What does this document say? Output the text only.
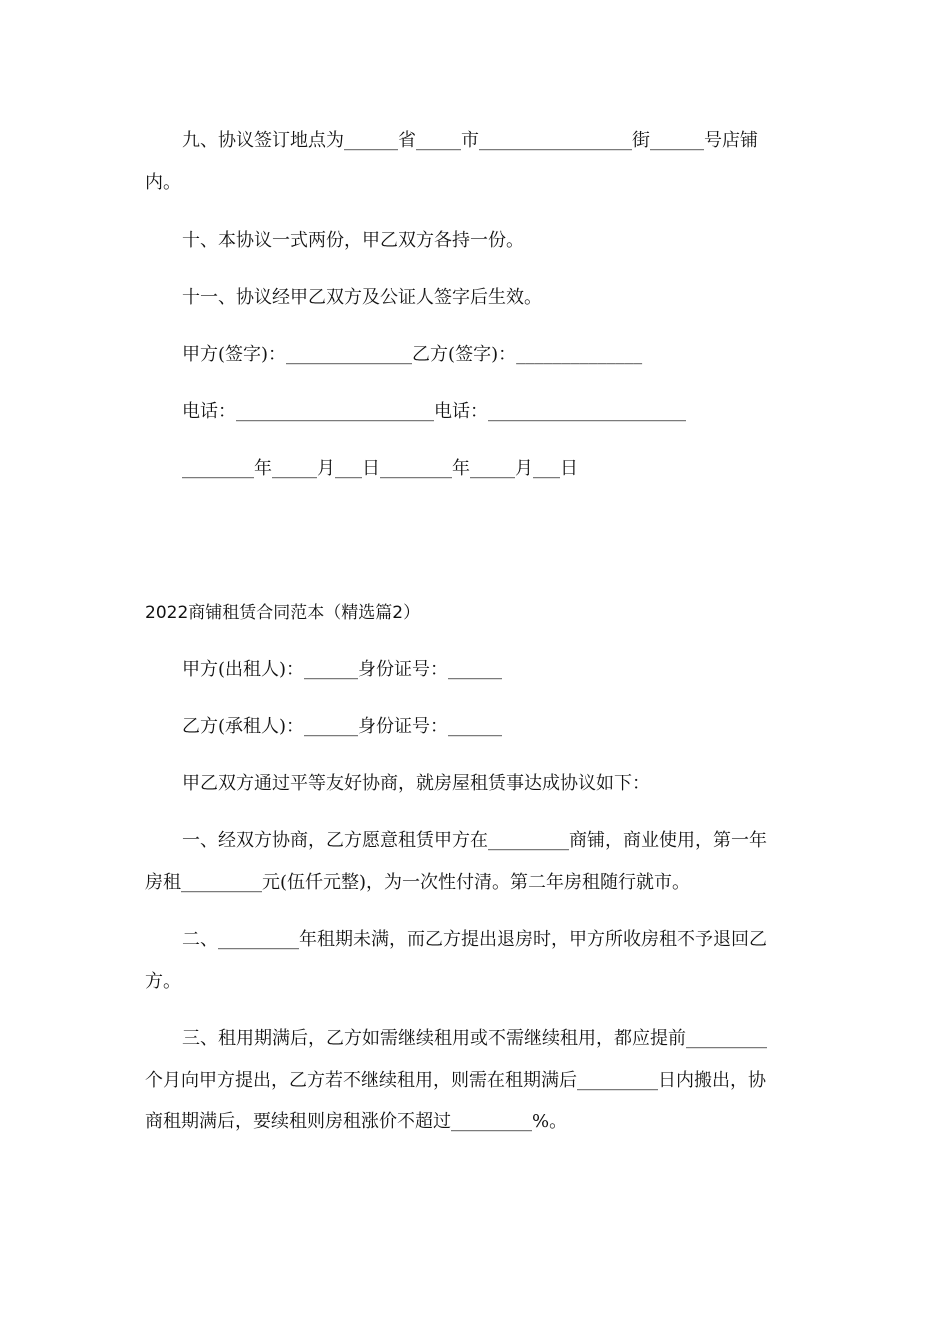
九、协议签订地点为______省_____市_________________街______号店铺
内。
十、本协议一式两份，甲乙双方各持一份。
十一、协议经甲乙双方及公证人签字后生效。
甲方(签字)：______________乙方(签字)：______________
电话：______________________电话：______________________
________年_____月___日________年_____月___日
2022商铺租赁合同范本（精选篇2）
甲方(出租人)：______身份证号：______
乙方(承租人)：______身份证号：______
甲乙双方通过平等友好协商，就房屋租赁事达成协议如下：
一、经双方协商，乙方愿意租赁甲方在_________商铺，商业使用，第一年
房租_________元(伍仟元整)，为一次性付清。第二年房租随行就市。
二、_________年租期未满，而乙方提出退房时，甲方所收房租不予退回乙
方。
三、租用期满后，乙方如需继续租用或不需继续租用，都应提前_________
个月向甲方提出，乙方若不继续租用，则需在租期满后_________日内搬出，协
商租期满后，要续租则房租涨价不超过_________%。
